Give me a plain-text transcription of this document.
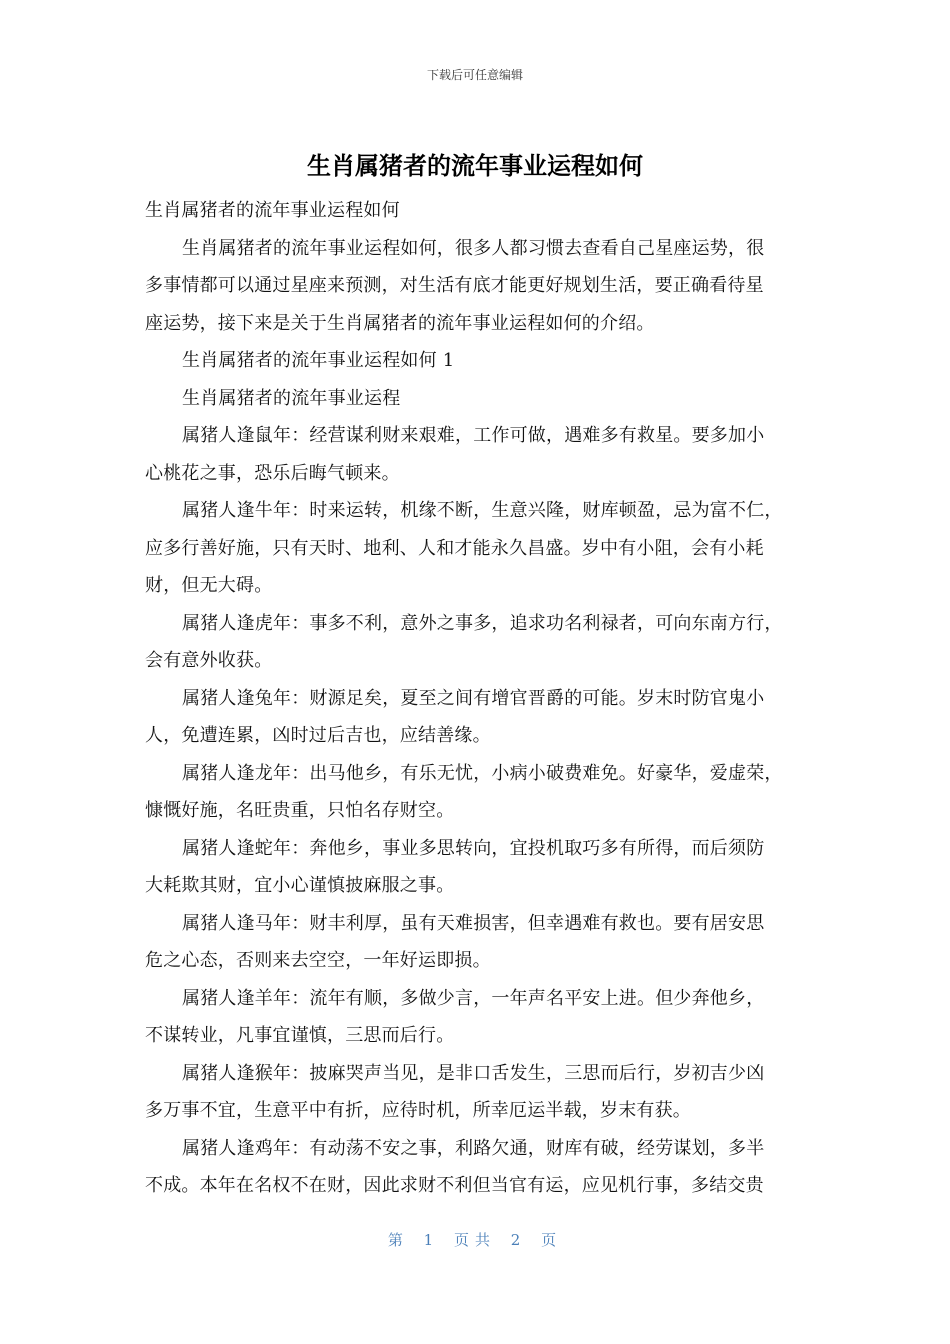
下载后可任意编辑
生肖属猪者的流年事业运程如何

生肖属猪者的流年事业运程如何

生肖属猪者的流年事业运程如何，很多人都习惯去查看自己星座运势，很

多事情都可以通过星座来预测，对生活有底才能更好规划生活，要正确看待星

座运势，接下来是关于生肖属猪者的流年事业运程如何的介绍。

生肖属猪者的流年事业运程如何 1

生肖属猪者的流年事业运程

属猪人逢鼠年：经营谋利财来艰难，工作可做，遇难多有救星。要多加小

心桃花之事，恐乐后晦气顿来。

属猪人逢牛年：时来运转，机缘不断，生意兴隆，财库顿盈，忌为富不仁，

应多行善好施，只有天时、地利、人和才能永久昌盛。岁中有小阻，会有小耗

财，但无大碍。

属猪人逢虎年：事多不利，意外之事多，追求功名利禄者，可向东南方行，

会有意外收获。

属猪人逢兔年：财源足矣，夏至之间有增官晋爵的可能。岁末时防官鬼小

人，免遭连累，凶时过后吉也，应结善缘。

属猪人逢龙年：出马他乡，有乐无忧，小病小破费难免。好豪华，爱虚荣，

慷慨好施，名旺贵重，只怕名存财空。

属猪人逢蛇年：奔他乡，事业多思转向，宜投机取巧多有所得，而后须防

大耗欺其财，宜小心谨慎披麻服之事。

属猪人逢马年：财丰利厚，虽有天难损害，但幸遇难有救也。要有居安思

危之心态，否则来去空空，一年好运即损。

属猪人逢羊年：流年有顺，多做少言，一年声名平安上进。但少奔他乡，

不谋转业，凡事宜谨慎，三思而后行。

属猪人逢猴年：披麻哭声当见，是非口舌发生，三思而后行，岁初吉少凶

多万事不宜，生意平中有折，应待时机，所幸厄运半载，岁末有获。

属猪人逢鸡年：有动荡不安之事，利路欠通，财库有破，经劳谋划，多半

不成。本年在名权不在财，因此求财不利但当官有运，应见机行事，多结交贵

第 1 页共 2 页
